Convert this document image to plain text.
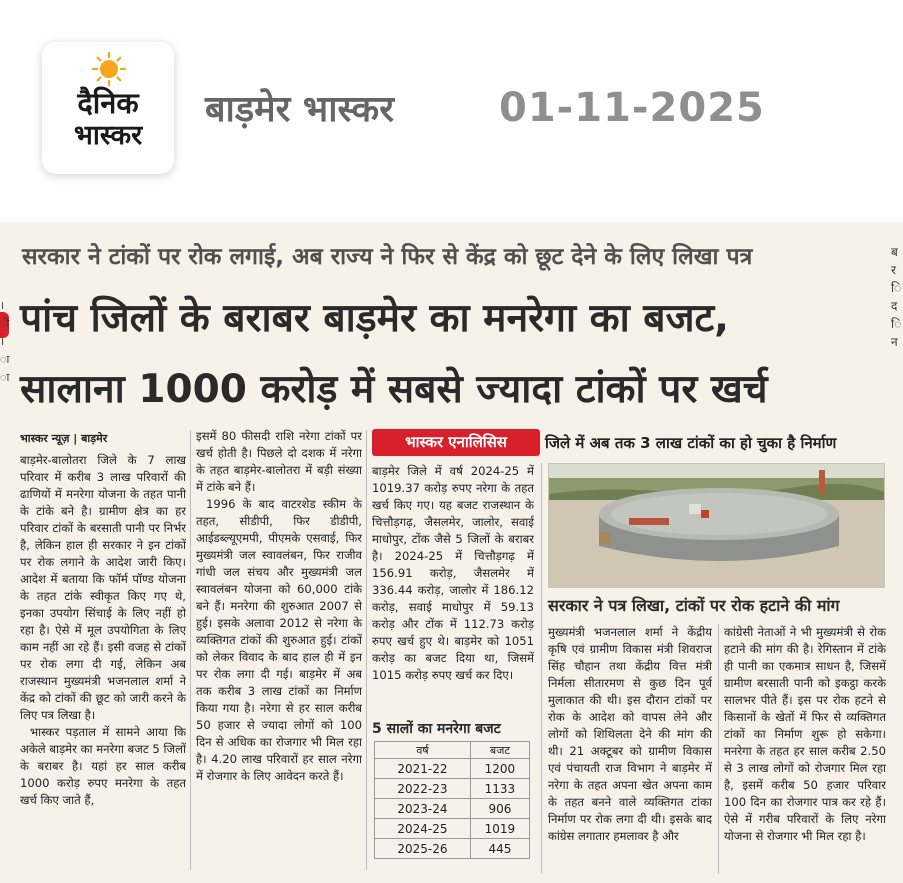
दैनिक
भास्कर
बाड़मेर भास्कर	01-11-2025
।
ी
।
ा
ा
ब
र
ि
द
ि
न
सरकार ने टांकों पर रोक लगाई, अब राज्य ने फिर से केंद्र को छूट देने के लिए लिखा पत्र
पांच जिलों के बराबर बाड़मेर का मनरेगा का बजट,
सालाना 1000 करोड़ में सबसे ज्यादा टांकों पर खर्च
भास्कर न्यूज़ | बाड़मेर
बाड़मेर-बालोतरा जिले के 7 लाख परिवार में करीब 3 लाख परिवारों की ढाणियों में मनरेगा योजना के तहत पानी के टांके बने है। ग्रामीण क्षेत्र का हर परिवार टांकों के बरसाती पानी पर निर्भर है, लेकिन हाल ही सरकार ने इन टांकों पर रोक लगाने के आदेश जारी किए। आदेश में बताया कि फॉर्म पॉण्ड योजना के तहत टांके स्वीकृत किए गए थे, इनका उपयोग सिंचाई के लिए नहीं हो रहा है। ऐसे में मूल उपयोगिता के लिए काम नहीं आ रहे हैं। इसी वजह से टांकों पर रोक लगा दी गई, लेकिन अब राजस्थान मुख्यमंत्री भजनलाल शर्मा ने केंद्र को टांकों की छूट को जारी करने के लिए पत्र लिखा है।
भास्कर पड़ताल में सामने आया कि अकेले बाड़मेर का मनरेगा बजट 5 जिलों के बराबर है। यहां हर साल करीब 1000 करोड़ रुपए मनरेगा के तहत खर्च किए जाते हैं,
इसमें 80 फीसदी राशि नरेगा टांकों पर खर्च होती है। पिछले दो दशक में नरेगा के तहत बाड़मेर-बालोतरा में बड़ी संख्या में टांके बने हैं।
1996 के बाद वाटरशेड स्कीम के तहत, सीडीपी, फिर डीडीपी, आईडब्ल्यूएमपी, पीएमके एसवाई, फिर मुख्यमंत्री जल स्वावलंबन, फिर राजीव गांधी जल संचय और मुख्यमंत्री जल स्वावलंबन योजना को 60,000 टांके बने हैं। मनरेगा की शुरुआत 2007 से हुई। इसके अलावा 2012 से नरेगा के व्यक्तिगत टांकों की शुरुआत हुई। टांकों को लेकर विवाद के बाद हाल ही में इन पर रोक लगा दी गई। बाड़मेर में अब तक करीब 3 लाख टांकों का निर्माण किया गया है। नरेगा से हर साल करीब 50 हजार से ज्यादा लोगों को 100 दिन से अधिक का रोजगार भी मिल रहा है। 4.20 लाख परिवारों हर साल नरेगा में रोजगार के लिए आवेदन करते हैं।
भास्कर एनालिसिस	जिले में अब तक 3 लाख टांकों का हो चुका है निर्माण
बाड़मेर जिले में वर्ष 2024-25 में 1019.37 करोड़ रुपए नरेगा के तहत खर्च किए गए। यह बजट राजस्थान के चित्तौड़गढ़, जैसलमेर, जालोर, सवाई माधोपुर, टोंक जैसे 5 जिलों के बराबर है। 2024-25 में चित्तौड़गढ़ में 156.91 करोड़, जैसलमेर में 336.44 करोड़, जालोर में 186.12 करोड़, सवाई माधोपुर में 59.13 करोड़ और टोंक में 112.73 करोड़ रुपए खर्च हुए थे। बाड़मेर को 1051 करोड़ का बजट दिया था, जिसमें 1015 करोड़ रुपए खर्च कर दिए।
5 सालों का मनरेगा बजट
वर्ष	बजट
2021-22	1200
2022-23	1133
2023-24	906
2024-25	1019
2025-26	445
सरकार ने पत्र लिखा, टांकों पर रोक हटाने की मांग
मुख्यमंत्री भजनलाल शर्मा ने केंद्रीय कृषि एवं ग्रामीण विकास मंत्री शिवराज सिंह चौहान तथा केंद्रीय वित्त मंत्री निर्मला सीतारमण से कुछ दिन पूर्व मुलाकात की थी। इस दौरान टांकों पर रोक के आदेश को वापस लेने और लोगों को शिथिलता देने की मांग की थी। 21 अक्टूबर को ग्रामीण विकास एवं पंचायती राज विभाग ने बाड़मेर में नरेगा के तहत अपना खेत अपना काम के तहत बनने वाले व्यक्तिगत टांका निर्माण पर रोक लगा दी थी। इसके बाद कांग्रेस लगातार हमलावर है और
कांग्रेसी नेताओं ने भी मुख्यमंत्री से रोक हटाने की मांग की है। रेगिस्तान में टांके ही पानी का एकमात्र साधन है, जिसमें ग्रामीण बरसाती पानी को इकट्ठा करके सालभर पीते हैं। इस पर रोक हटने से किसानों के खेतों में फिर से व्यक्तिगत टांकों का निर्माण शुरू हो सकेगा। मनरेगा के तहत हर साल करीब 2.50 से 3 लाख लोगों को रोजगार मिल रहा है, इसमें करीब 50 हजार परिवार 100 दिन का रोजगार पात्र कर रहे हैं। ऐसे में गरीब परिवारों के लिए नरेगा योजना से रोजगार भी मिल रहा है।
